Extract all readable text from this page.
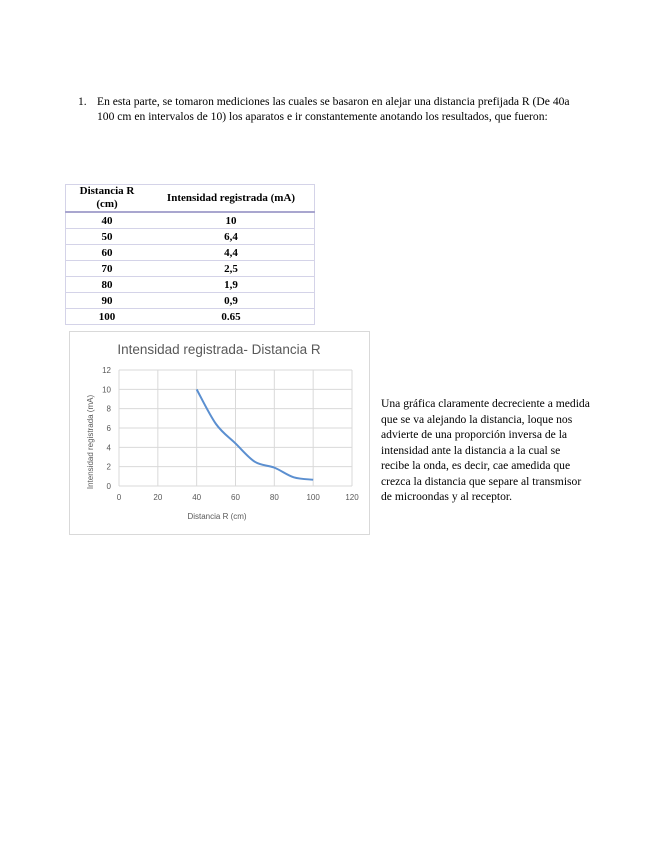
1. En esta parte, se tomaron mediciones las cuales se basaron en alejar una distancia prefijada R (De 40a 100 cm en intervalos de 10) los aparatos e ir constantemente anotando los resultados, que fueron:
Distancia R (cm)	Intensidad registrada (mA)
40	10
50	6,4
60	4,4
70	2,5
80	1,9
90	0,9
100	0.65
Intensidad registrada- Distancia R
0
2
4
6
8
10
12
0	20	40	60	80	100	120
Distancia R (cm)
Intensidad registrada (mA)	Una gráfica claramente decreciente a medida que se va alejando la distancia, loque nos advierte de una proporción inversa de la intensidad ante la distancia a la cual se recibe la onda, es decir, cae amedida que crezca la distancia que separe al transmisor de microondas y al receptor.
